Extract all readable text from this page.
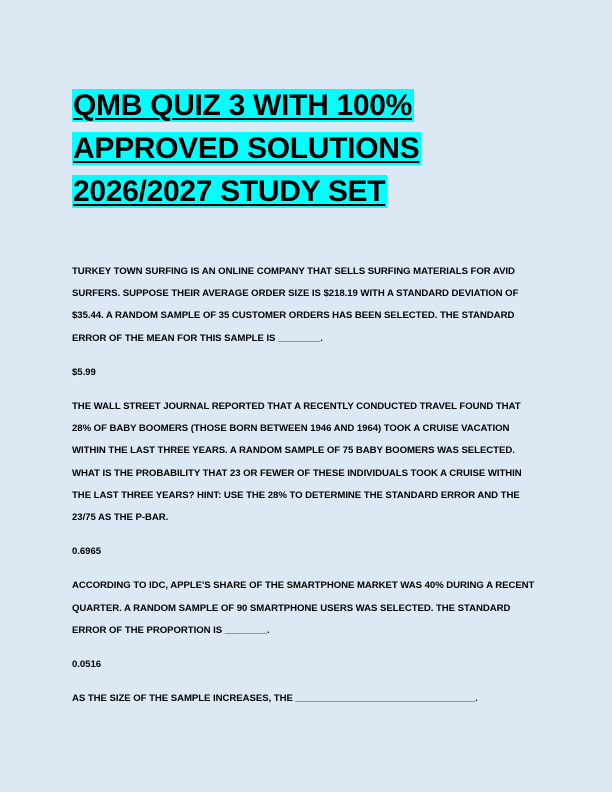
QMB QUIZ 3 WITH 100%
APPROVED SOLUTIONS
2026/2027 STUDY SET

TURKEY TOWN SURFING IS AN ONLINE COMPANY THAT SELLS SURFING MATERIALS FOR AVID SURFERS. SUPPOSE THEIR AVERAGE ORDER SIZE IS $218.19 WITH A STANDARD DEVIATION OF $35.44. A RANDOM SAMPLE OF 35 CUSTOMER ORDERS HAS BEEN SELECTED. THE STANDARD ERROR OF THE MEAN FOR THIS SAMPLE IS ________.

$5.99

THE WALL STREET JOURNAL REPORTED THAT A RECENTLY CONDUCTED TRAVEL FOUND THAT 28% OF BABY BOOMERS (THOSE BORN BETWEEN 1946 AND 1964) TOOK A CRUISE VACATION WITHIN THE LAST THREE YEARS. A RANDOM SAMPLE OF 75 BABY BOOMERS WAS SELECTED. WHAT IS THE PROBABILITY THAT 23 OR FEWER OF THESE INDIVIDUALS TOOK A CRUISE WITHIN THE LAST THREE YEARS? HINT: USE THE 28% TO DETERMINE THE STANDARD ERROR AND THE 23/75 AS THE P-BAR.

0.6965

ACCORDING TO IDC, APPLE'S SHARE OF THE SMARTPHONE MARKET WAS 40% DURING A RECENT QUARTER. A RANDOM SAMPLE OF 90 SMARTPHONE USERS WAS SELECTED. THE STANDARD ERROR OF THE PROPORTION IS ________.

0.0516

AS THE SIZE OF THE SAMPLE INCREASES, THE __________________________________.
